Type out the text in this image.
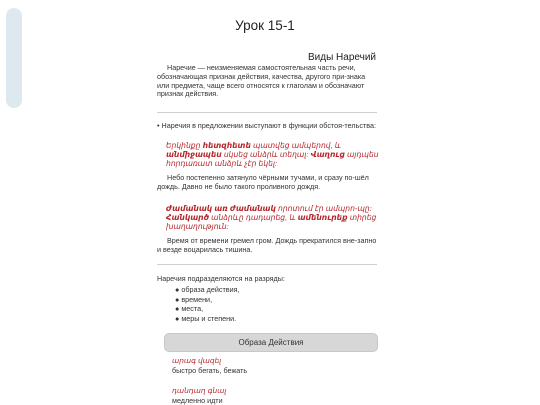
Урок 15-1
Виды Наречий
Наречие — неизменяемая самостоятельная часть речи, обозначающая признак действия, качества, другого при-знака или предмета, чаще всего относятся к глаголам и обозначают признак действия.
• Наречия в предложении выступают в функции обстоя-тельства:
Երկինքը հետզհետե պատվեց ամպերով, և անմիջապես սկսեց անձրև տեղալ: Վաղուց այդպես հորդառատ անձրև չէր եկել:
Небо постепенно затянуло чёрными тучами, и сразу по-шёл дождь. Давно не было такого проливного дождя.
Ժամանակ առ ժամանակ որոտում էր ամպրո-պը: Հանկարծ անձրևը դադարեց, և ամենուրեք տիրեց խաղաղություն:
Время от времени гремел гром. Дождь прекратился вне-запно и везде воцарилась тишина.
Наречия подразделяются на разряды:
● образа действия,
● времени,
● места,
● меры и степени.
Образа Действия
արագ վազել
быстро бегать, бежать
դանդաղ գնալ
медленно идти
